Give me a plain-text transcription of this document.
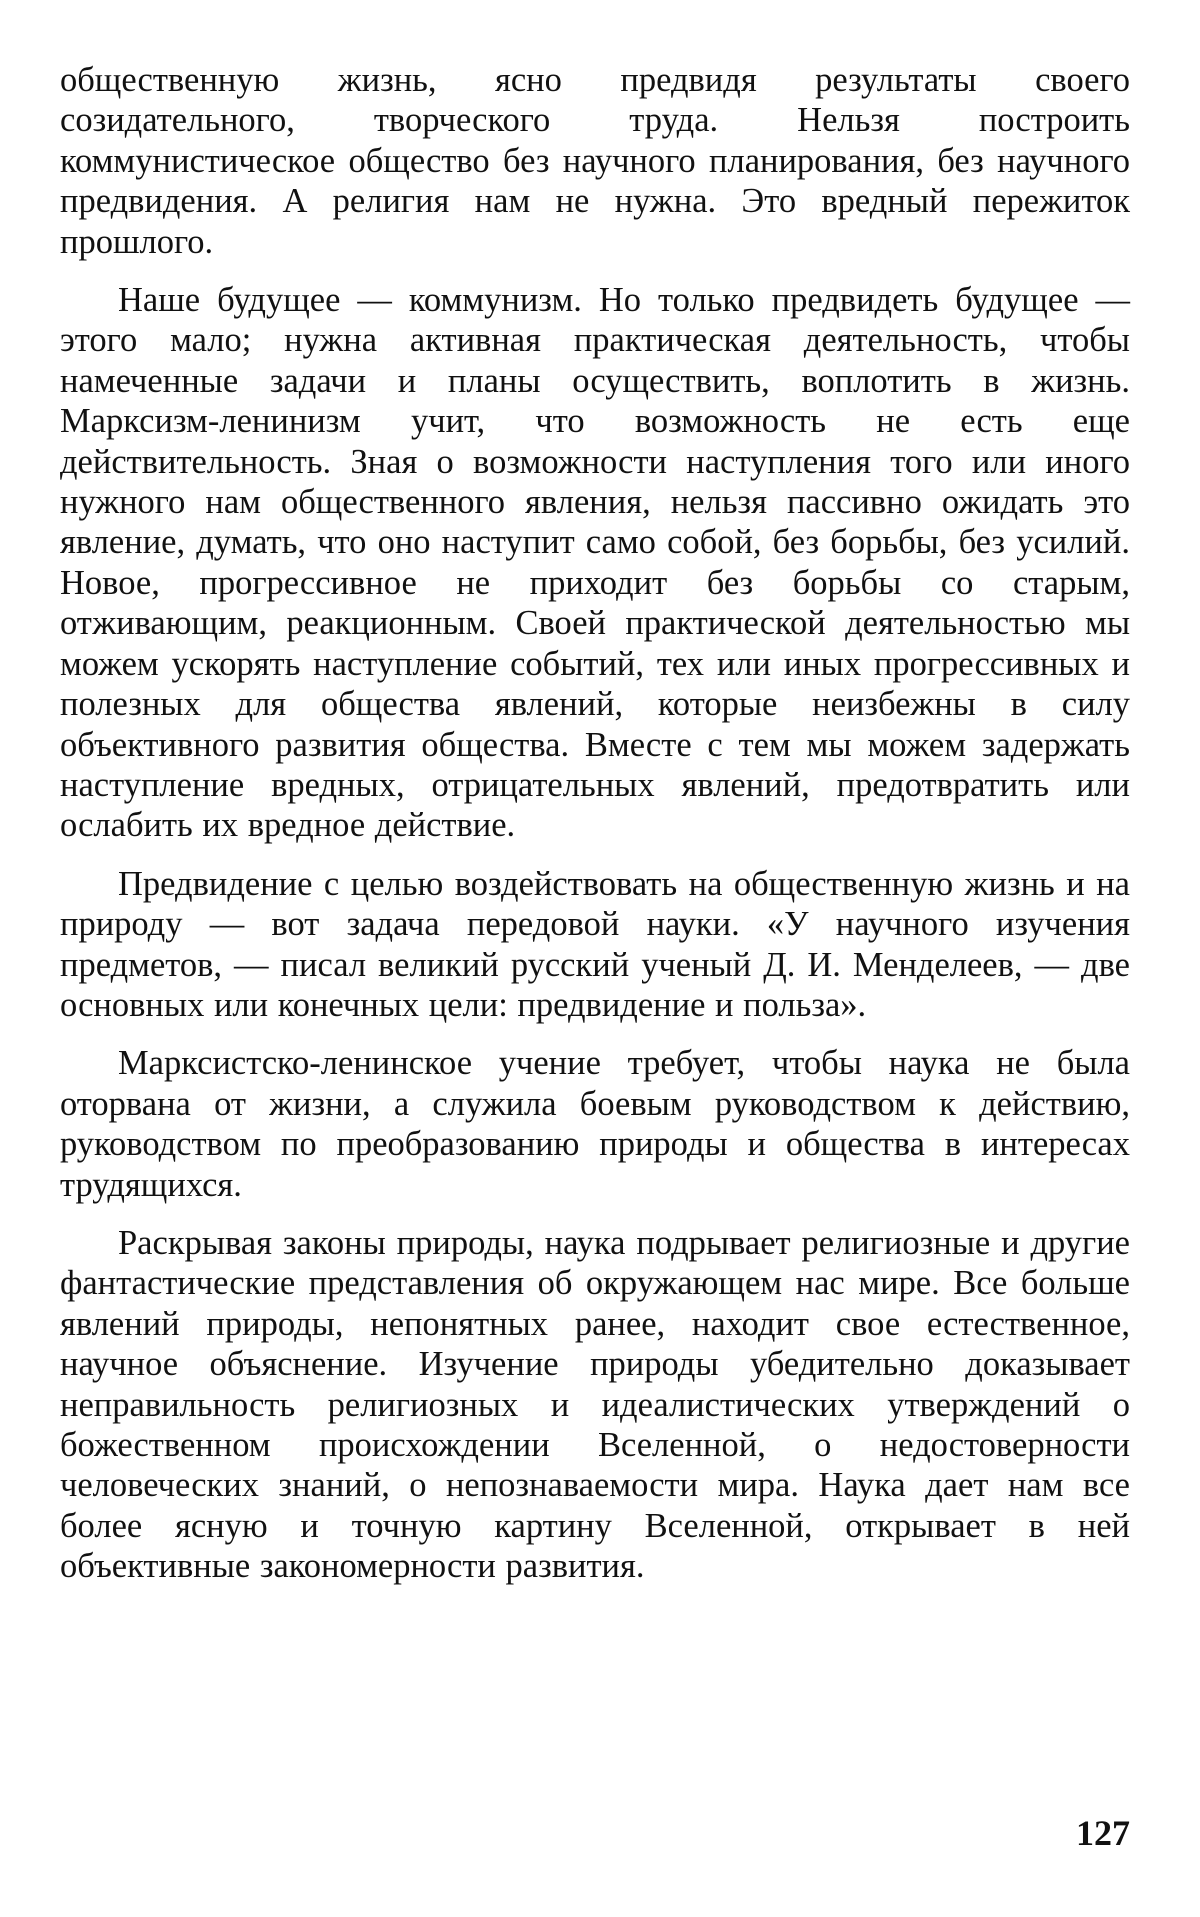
общественную жизнь, ясно предвидя результаты своего созидательного, творческого труда. Нельзя построить коммунистическое общество без научного планирования, без научного предвидения. А религия нам не нужна. Это вредный пережиток прошлого.

Наше будущее — коммунизм. Но только предвидеть будущее — этого мало; нужна активная практическая деятельность, чтобы намеченные задачи и планы осуществить, воплотить в жизнь. Марксизм-ленинизм учит, что возможность не есть еще действительность. Зная о возможности наступления того или иного нужного нам общественного явления, нельзя пассивно ожидать это явление, думать, что оно наступит само собой, без борьбы, без усилий. Новое, прогрессивное не приходит без борьбы со старым, отживающим, реакционным. Своей практической деятельностью мы можем ускорять наступление событий, тех или иных прогрессивных и полезных для общества явлений, которые неизбежны в силу объективного развития общества. Вместе с тем мы можем задержать наступление вредных, отрицательных явлений, предотвратить или ослабить их вредное действие.

Предвидение с целью воздействовать на общественную жизнь и на природу — вот задача передовой науки. «У научного изучения предметов, — писал великий русский ученый Д. И. Менделеев, — две основных или конечных цели: предвидение и польза».

Марксистско-ленинское учение требует, чтобы наука не была оторвана от жизни, а служила боевым руководством к действию, руководством по преобразованию природы и общества в интересах трудящихся.

Раскрывая законы природы, наука подрывает религиозные и другие фантастические представления об окружающем нас мире. Все больше явлений природы, непонятных ранее, находит свое естественное, научное объяснение. Изучение природы убедительно доказывает неправильность религиозных и идеалистических утверждений о божественном происхождении Вселенной, о недостоверности человеческих знаний, о непознаваемости мира. Наука дает нам все более ясную и точную картину Вселенной, открывает в ней объективные закономерности развития.

127
